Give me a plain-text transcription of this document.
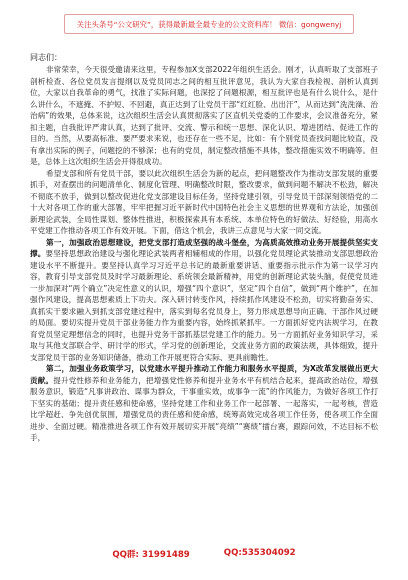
关注头条号“公文研究”，获得最新最全最专业的公文资料库！ 微信：gongwenyj

同志们：

非常荣幸，今天很受邀请来这里，专程参加X支部2022年组织生活会。刚才，认真听取了支部班子剖析检查、各位党员发言提纲以及党员同志之间的相互批评意见，我认为大家自我检视、剖析认真到位，大家以自我革命的勇气，找准了实际问题，也深挖了问题根源，相互批评也是有什么说什么，是什么讲什么，不遮掩、不护短、不回避，真正达到了让党员干部“红红脸、出出汗”，从而达到“洗洗澡、治治病”的效果，总体来说，这次组织生活会认真贯彻落实了区直机关党委的工作要求，会议准备充分，紧扣主题，自我批评严肃认真，达到了批评、交流、警示和统一思想、深化认识、增进团结、促进工作的目的。当然，从要高标准、要严要求来说，也还存在一些不足，比如：有个别党员查找问题比较直，没有拿出实际的例子，问题挖的不够深；也有的党员，制定整改措施不具体，整改措施实效不明确等。但是，总体上这次组织生活会开得很成功。

希望支部和所有党员干部，要以此次组织生活会为新的起点，把问题整改作为推动支部发展的重要抓手，对查摆出的问题清单化、制度化管理、明确整改时限，整改要求，做到问题不解决不松劲，解决不彻底不放手，做到以整改促进化党支部建设目标任务，坚持党建引领，引导党员干部深刻领悟党的二十大对各项工作的重大部署，牢牢把握习近平新时代中国特色社会主义思想的世界观和方法论，加强创新理论武装，全局性谋划、整体性推进，积极探索具有本系统、本单位特色的好做法、好经验，用高水平党建工作推动各项工作有效开展。下面，借这个机会，我讲三点意见与大家一同交流。

第一，加强政治思想建设，把党支部打造成坚强的战斗堡垒，为高质高效推动业务开展提供坚实支撑。要坚持思想政治建设与强化理论武装两者相辅相成的作用，以强化党员理论武装推动支部思想政治建设水平不断提升。要坚持认真学习习近平总书记的最新重要讲话、重要指示批示作为第一议学习内容，教育引导支部党员及时学习最新理论、系统领会最新精神，用党的创新理论武装头脑，促使党员进一步加深对“两个确立”决定性意义的认识，增强“四个意识”，坚定“四个自信”，做到“两个维护”，在加强作风建设，提高思想素质上下功夫。深入研讨转变作风，持续抓作风建设不松劲，切实将勤奋务实、真抓实干要求融入到抓支部党建过程中，落实到每名党员身上，努力形成思想导向正确、干部作风过硬的局面。要切实提升党员干部业务能力作为重要内容，始终抓紧抓牢。一方面抓好党内法规学习，在教育党员坚定理想信念的同时，也提升党务干部抓基层党建工作的能力。另一方面抓好业务知识学习，采取与其他支部联合学、研讨学的形式，学习党的创新理论，交流业务方面的政策法规，具体细致，提升支部党员干部的业务知识储备，推动工作开展更符合实际、更具前瞻性。

第二，加强业务政策学习，以党建水平提升推动工作能力和服务水平提质，为X改革发展做出更大贡献。提升党性修养和业务能力，把增强党性修养和提升业务水平有机结合起来，提高政治站位，增强服务意识，锻造“凡事讲政治、谋事为群众，干事重实效，成事争一流”的作风能力，为做好各项工作打下坚实的基础；提升责任感和使命感，坚持党建工作和业务工作一起部署、一起落实，一起考核，营造比学超赶、争先创优氛围，增强党员的责任感和使命感，统筹高效完成各项工作任务，使各项工作全面进步、全面过硬。精准推进各项工作有效开展切实开展“亮绩”“赛绩”擂台赛，跟踪问效，不达目标不松手，

QQ群: 31991489	QQ:535304092
